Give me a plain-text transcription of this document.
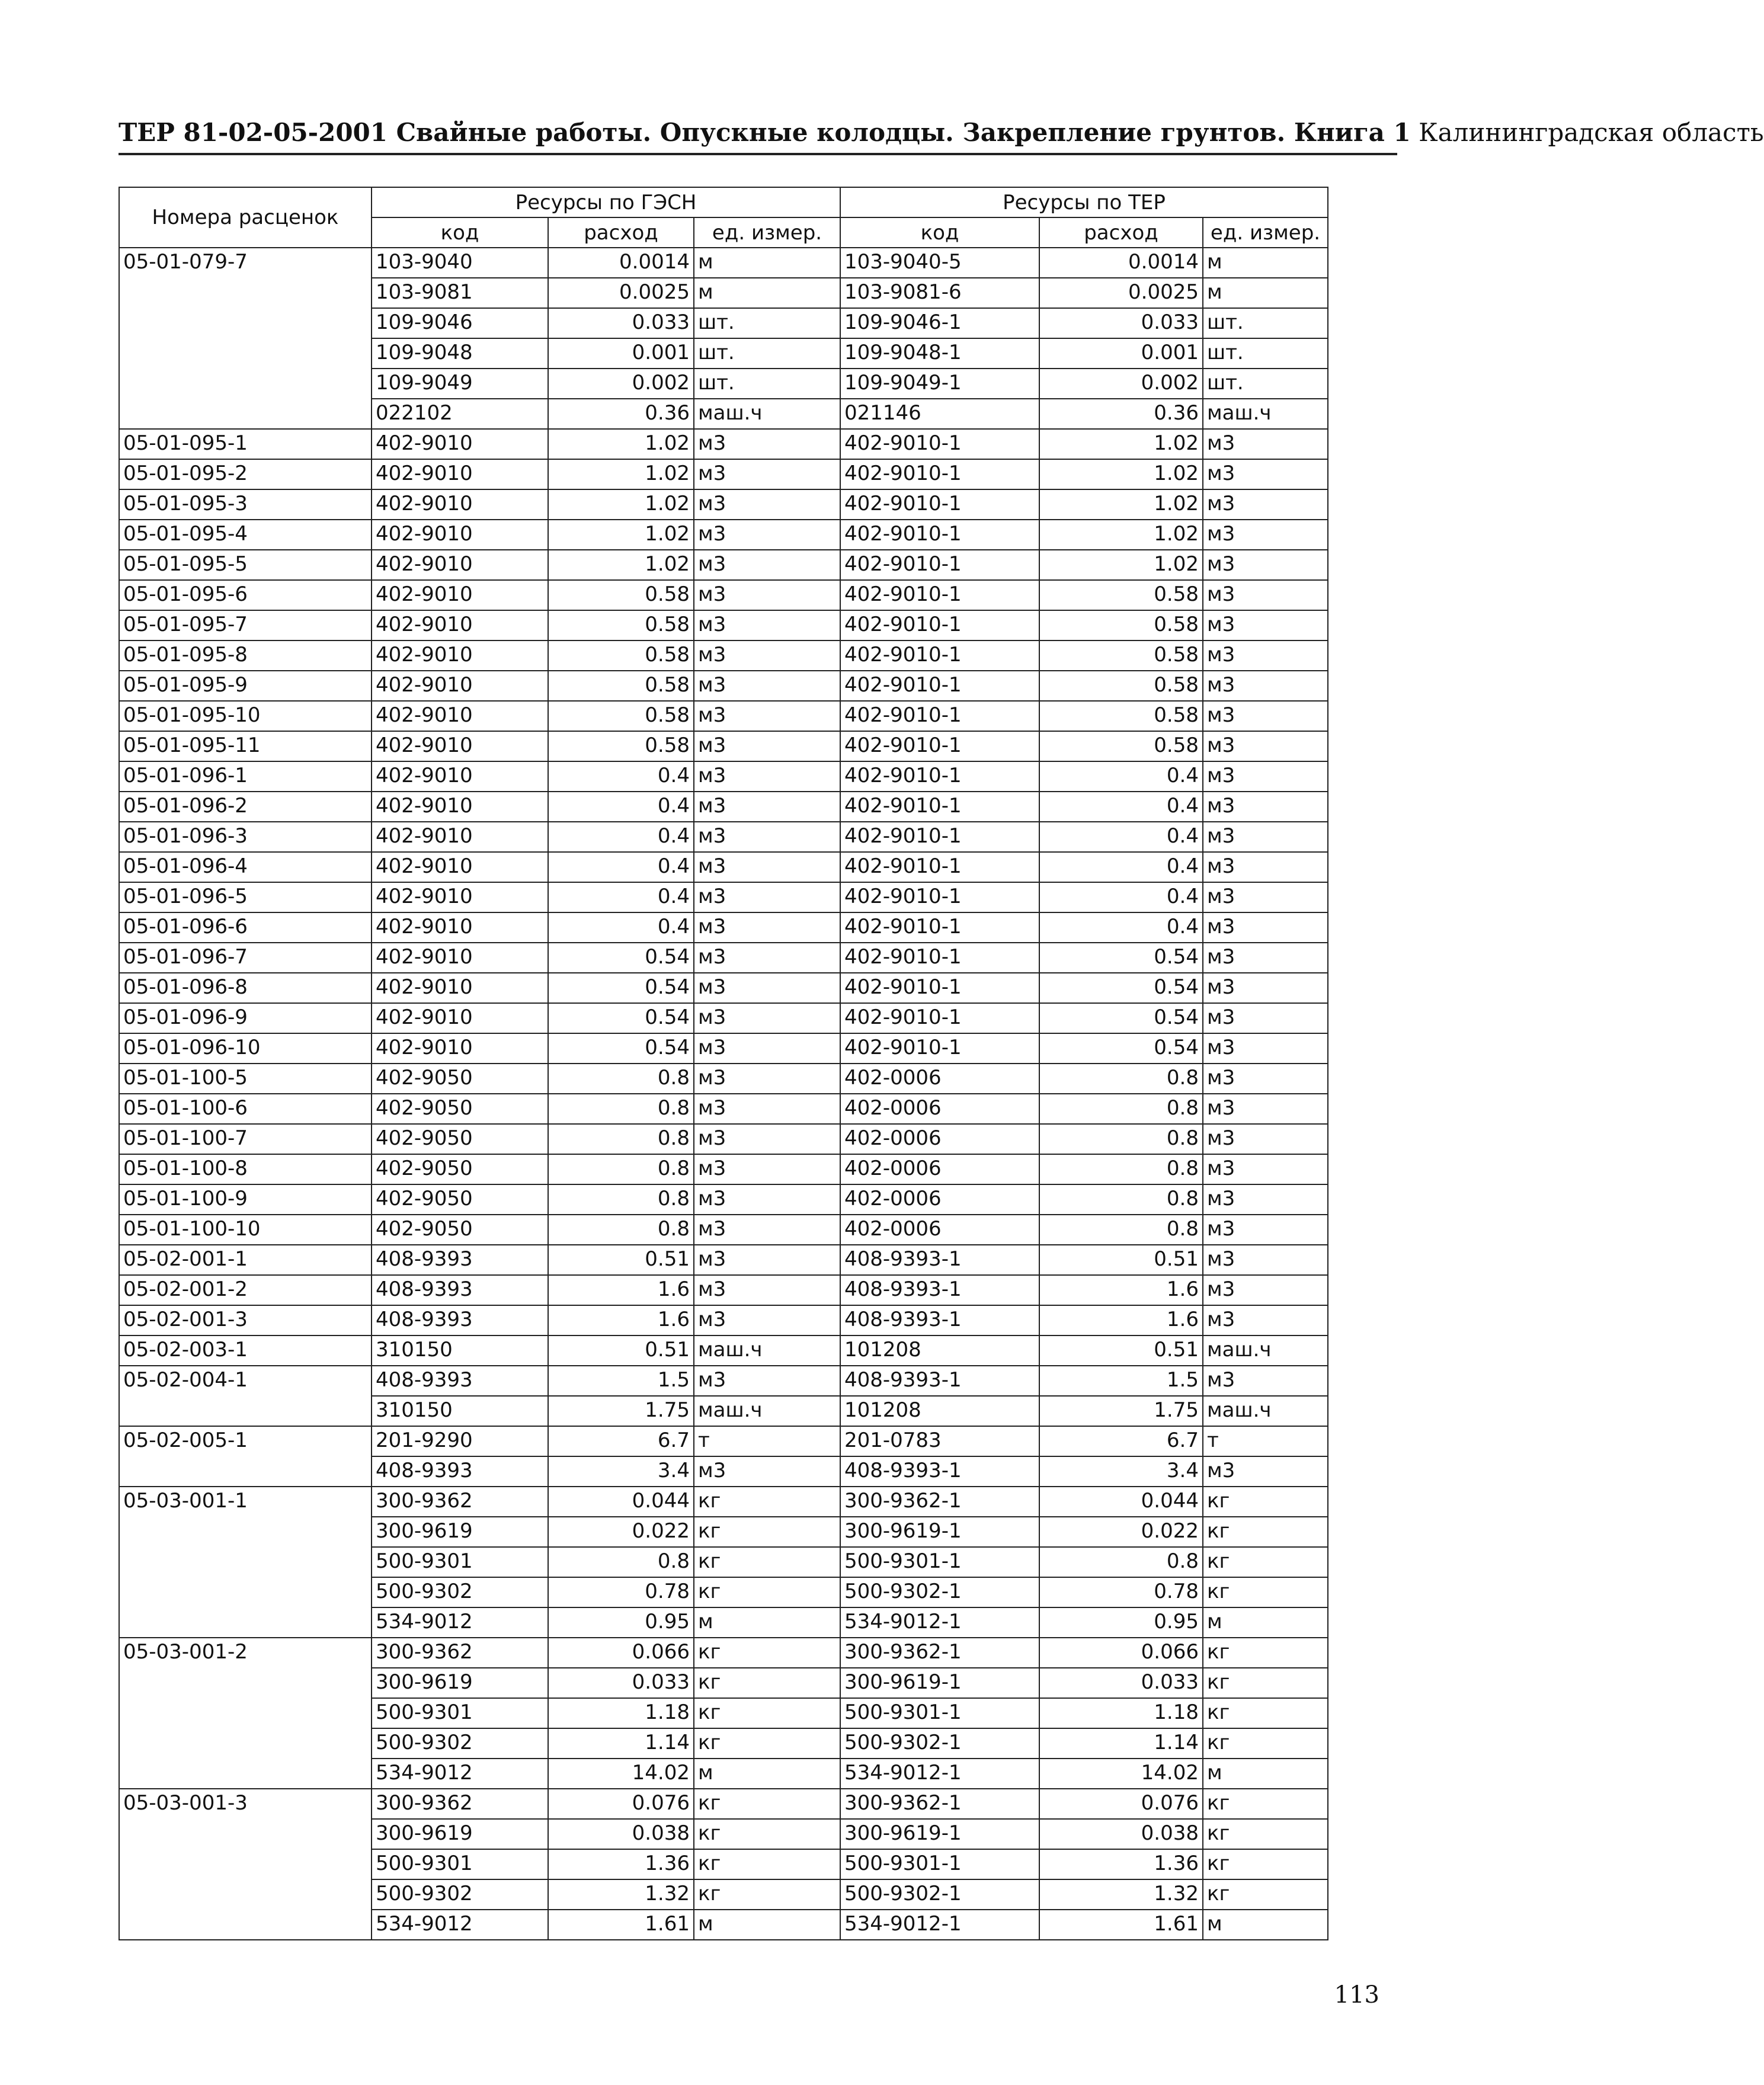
ТЕР 81-02-05-2001 Свайные работы. Опускные колодцы. Закрепление грунтов. Книга 1 Калининградская область
Номера расценок	Ресурсы по ГЭСН			Ресурсы по ТЕР		
	код	расход	ед. измер.	код	расход	ед. измер.
05-01-079-7	103-9040	0.0014	м	103-9040-5	0.0014	м
	103-9081	0.0025	м	103-9081-6	0.0025	м
	109-9046	0.033	шт.	109-9046-1	0.033	шт.
	109-9048	0.001	шт.	109-9048-1	0.001	шт.
	109-9049	0.002	шт.	109-9049-1	0.002	шт.
	022102	0.36	маш.ч	021146	0.36	маш.ч
05-01-095-1	402-9010	1.02	м3	402-9010-1	1.02	м3
05-01-095-2	402-9010	1.02	м3	402-9010-1	1.02	м3
05-01-095-3	402-9010	1.02	м3	402-9010-1	1.02	м3
05-01-095-4	402-9010	1.02	м3	402-9010-1	1.02	м3
05-01-095-5	402-9010	1.02	м3	402-9010-1	1.02	м3
05-01-095-6	402-9010	0.58	м3	402-9010-1	0.58	м3
05-01-095-7	402-9010	0.58	м3	402-9010-1	0.58	м3
05-01-095-8	402-9010	0.58	м3	402-9010-1	0.58	м3
05-01-095-9	402-9010	0.58	м3	402-9010-1	0.58	м3
05-01-095-10	402-9010	0.58	м3	402-9010-1	0.58	м3
05-01-095-11	402-9010	0.58	м3	402-9010-1	0.58	м3
05-01-096-1	402-9010	0.4	м3	402-9010-1	0.4	м3
05-01-096-2	402-9010	0.4	м3	402-9010-1	0.4	м3
05-01-096-3	402-9010	0.4	м3	402-9010-1	0.4	м3
05-01-096-4	402-9010	0.4	м3	402-9010-1	0.4	м3
05-01-096-5	402-9010	0.4	м3	402-9010-1	0.4	м3
05-01-096-6	402-9010	0.4	м3	402-9010-1	0.4	м3
05-01-096-7	402-9010	0.54	м3	402-9010-1	0.54	м3
05-01-096-8	402-9010	0.54	м3	402-9010-1	0.54	м3
05-01-096-9	402-9010	0.54	м3	402-9010-1	0.54	м3
05-01-096-10	402-9010	0.54	м3	402-9010-1	0.54	м3
05-01-100-5	402-9050	0.8	м3	402-0006	0.8	м3
05-01-100-6	402-9050	0.8	м3	402-0006	0.8	м3
05-01-100-7	402-9050	0.8	м3	402-0006	0.8	м3
05-01-100-8	402-9050	0.8	м3	402-0006	0.8	м3
05-01-100-9	402-9050	0.8	м3	402-0006	0.8	м3
05-01-100-10	402-9050	0.8	м3	402-0006	0.8	м3
05-02-001-1	408-9393	0.51	м3	408-9393-1	0.51	м3
05-02-001-2	408-9393	1.6	м3	408-9393-1	1.6	м3
05-02-001-3	408-9393	1.6	м3	408-9393-1	1.6	м3
05-02-003-1	310150	0.51	маш.ч	101208	0.51	маш.ч
05-02-004-1	408-9393	1.5	м3	408-9393-1	1.5	м3
	310150	1.75	маш.ч	101208	1.75	маш.ч
05-02-005-1	201-9290	6.7	т	201-0783	6.7	т
	408-9393	3.4	м3	408-9393-1	3.4	м3
05-03-001-1	300-9362	0.044	кг	300-9362-1	0.044	кг
	300-9619	0.022	кг	300-9619-1	0.022	кг
	500-9301	0.8	кг	500-9301-1	0.8	кг
	500-9302	0.78	кг	500-9302-1	0.78	кг
	534-9012	0.95	м	534-9012-1	0.95	м
05-03-001-2	300-9362	0.066	кг	300-9362-1	0.066	кг
	300-9619	0.033	кг	300-9619-1	0.033	кг
	500-9301	1.18	кг	500-9301-1	1.18	кг
	500-9302	1.14	кг	500-9302-1	1.14	кг
	534-9012	14.02	м	534-9012-1	14.02	м
05-03-001-3	300-9362	0.076	кг	300-9362-1	0.076	кг
	300-9619	0.038	кг	300-9619-1	0.038	кг
	500-9301	1.36	кг	500-9301-1	1.36	кг
	500-9302	1.32	кг	500-9302-1	1.32	кг
	534-9012	1.61	м	534-9012-1	1.61	м
113
